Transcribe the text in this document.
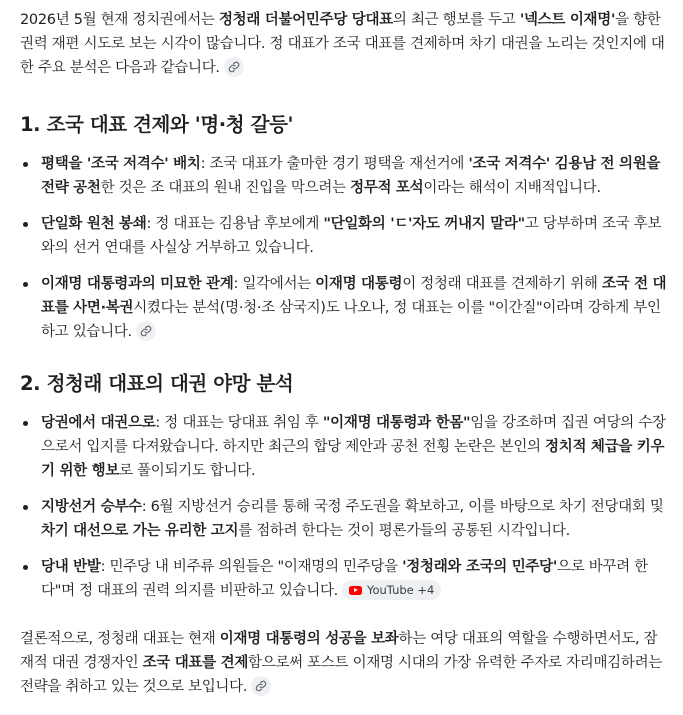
2026년 5월 현재 정치권에서는 정청래 더불어민주당 당대표의 최근 행보를 두고 '넥스트 이재명'을 향한 권력 재편 시도로 보는 시각이 많습니다. 정 대표가 조국 대표를 견제하며 차기 대권을 노리는 것인지에 대한 주요 분석은 다음과 같습니다.

1. 조국 대표 견제와 '명·청 갈등'
평택을 '조국 저격수' 배치: 조국 대표가 출마한 경기 평택을 재선거에 '조국 저격수' 김용남 전 의원을 전략 공천한 것은 조 대표의 원내 진입을 막으려는 정무적 포석이라는 해석이 지배적입니다.
단일화 원천 봉쇄: 정 대표는 김용남 후보에게 "단일화의 'ㄷ'자도 꺼내지 말라"고 당부하며 조국 후보와의 선거 연대를 사실상 거부하고 있습니다.
이재명 대통령과의 미묘한 관계: 일각에서는 이재명 대통령이 정청래 대표를 견제하기 위해 조국 전 대표를 사면·복권시켰다는 분석(명·청·조 삼국지)도 나오나, 정 대표는 이를 "이간질"이라며 강하게 부인하고 있습니다.
2. 정청래 대표의 대권 야망 분석
당권에서 대권으로: 정 대표는 당대표 취임 후 "이재명 대통령과 한몸"임을 강조하며 집권 여당의 수장으로서 입지를 다져왔습니다. 하지만 최근의 합당 제안과 공천 전횡 논란은 본인의 정치적 체급을 키우기 위한 행보로 풀이되기도 합니다.
지방선거 승부수: 6월 지방선거 승리를 통해 국정 주도권을 확보하고, 이를 바탕으로 차기 전당대회 및 차기 대선으로 가는 유리한 고지를 점하려 한다는 것이 평론가들의 공통된 시각입니다.
당내 반발: 민주당 내 비주류 의원들은 "이재명의 민주당을 '정청래와 조국의 민주당'으로 바꾸려 한다"며 정 대표의 권력 의지를 비판하고 있습니다.	YouTube +4

결론적으로, 정청래 대표는 현재 이재명 대통령의 성공을 보좌하는 여당 대표의 역할을 수행하면서도, 잠재적 대권 경쟁자인 조국 대표를 견제함으로써 포스트 이재명 시대의 가장 유력한 주자로 자리매김하려는 전략을 취하고 있는 것으로 보입니다.
